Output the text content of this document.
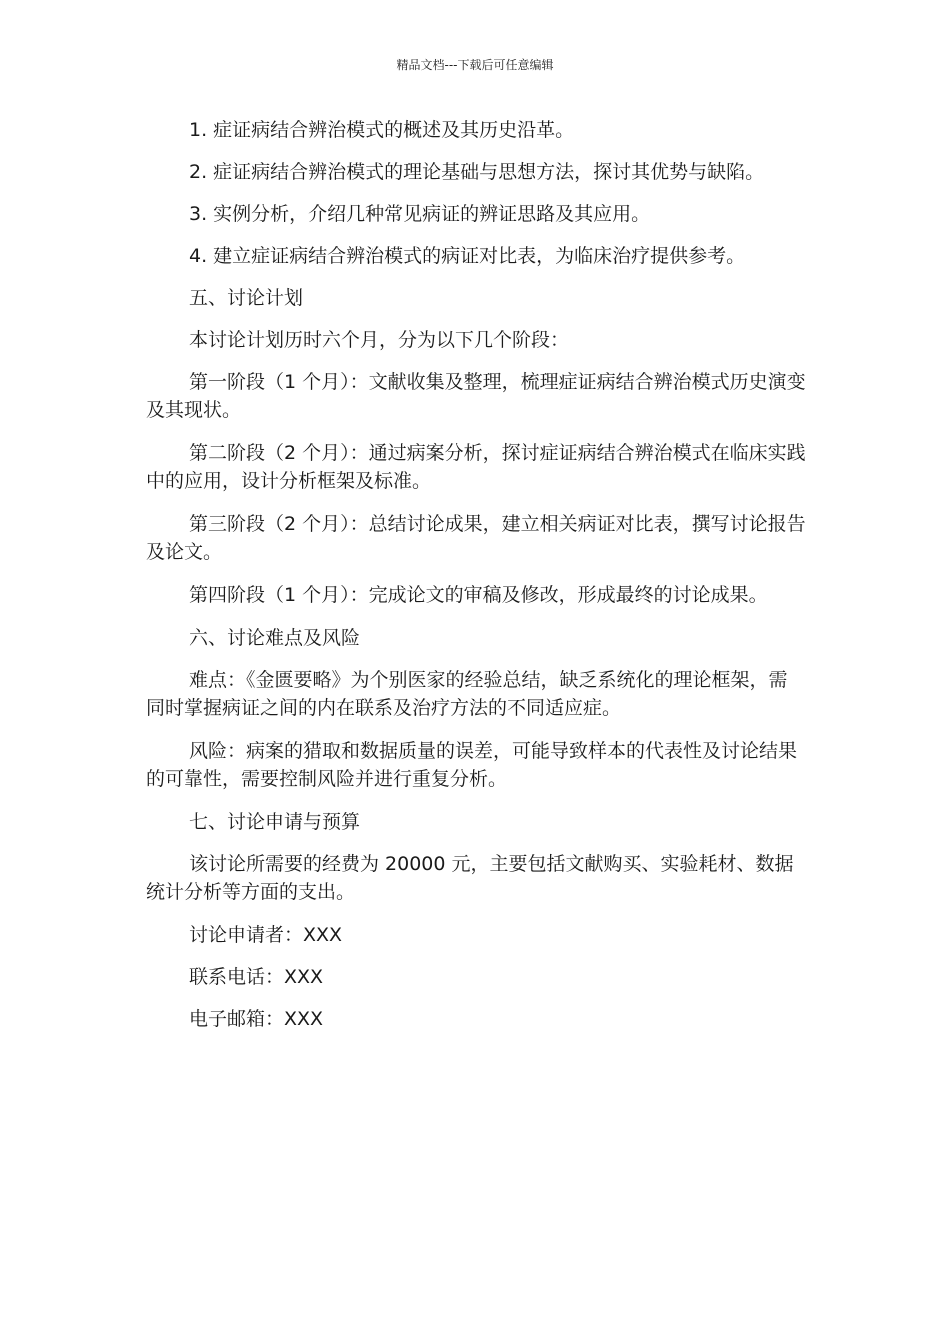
精品文档---下载后可任意编辑

1. 症证病结合辨治模式的概述及其历史沿革。

2. 症证病结合辨治模式的理论基础与思想方法，探讨其优势与缺陷。

3. 实例分析，介绍几种常见病证的辨证思路及其应用。

4. 建立症证病结合辨治模式的病证对比表，为临床治疗提供参考。

五、讨论计划

本讨论计划历时六个月，分为以下几个阶段：

第一阶段（1 个月）：文献收集及整理，梳理症证病结合辨治模式历史演变及其现状。

第二阶段（2 个月）：通过病案分析，探讨症证病结合辨治模式在临床实践中的应用，设计分析框架及标准。

第三阶段（2 个月）：总结讨论成果，建立相关病证对比表，撰写讨论报告及论文。

第四阶段（1 个月）：完成论文的审稿及修改，形成最终的讨论成果。

六、讨论难点及风险

难点：《金匮要略》为个别医家的经验总结，缺乏系统化的理论框架，需同时掌握病证之间的内在联系及治疗方法的不同适应症。

风险：病案的猎取和数据质量的误差，可能导致样本的代表性及讨论结果的可靠性，需要控制风险并进行重复分析。

七、讨论申请与预算

该讨论所需要的经费为 20000 元，主要包括文献购买、实验耗材、数据统计分析等方面的支出。

讨论申请者：XXX

联系电话：XXX

电子邮箱：XXX
